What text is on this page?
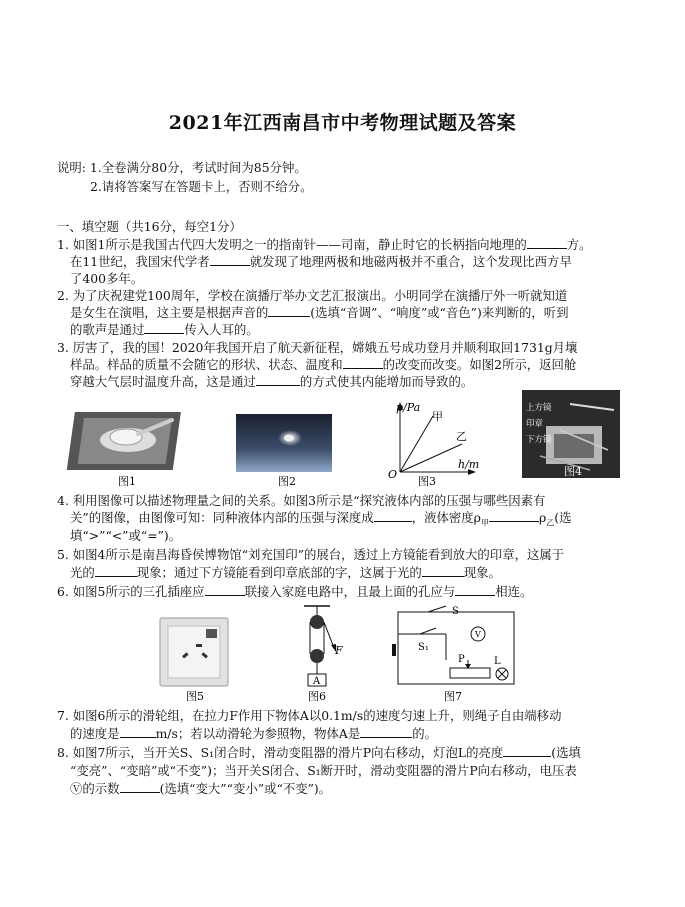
2021年江西南昌市中考物理试题及答案
说明: 1.全卷满分80分，考试时间为85分钟。
2.请将答案写在答题卡上，否则不给分。
一、填空题（共16分，每空1分）
1. 如图1所示是我国古代四大发明之一的指南针——司南，静止时它的长柄指向地理的	方。
在11世纪，我国宋代学者	就发现了地理两极和地磁两极并不重合，这个发现比西方早
了400多年。
2. 为了庆祝建党100周年，学校在演播厅举办文艺汇报演出。小明同学在演播厅外一听就知道
是女生在演唱，这主要是根据声音的	(选填“音调”、“响度”或“音色”)来判断的，听到
的歌声是通过	传入人耳的。
3. 厉害了，我的国！2020年我国开启了航天新征程，嫦娥五号成功登月并顺利取回1731g月壤
样品。样品的质量不会随它的形状、状态、温度和	的改变而改变。如图2所示，返回舱
穿越大气层时温度升高，这是通过	的方式使其内能增加而导致的。
图1	图2
p/Pa
h/m
O
甲
乙
图3
上方镜
印章
下方镜
图4
4. 利用图像可以描述物理量之间的关系。如图3所示是“探究液体内部的压强与哪些因素有
关”的图像，由图像可知：同种液体内部的压强与深度成	，液体密度$\rho_甲$	$\rho_乙$(选
填“>”“<”或“=”)。
5. 如图4所示是南昌海昏侯博物馆“刘充国印”的展台，透过上方镜能看到放大的印章，这属于
光的	现象；通过下方镜能看到印章底部的字，这属于光的	现象。
6. 如图5所示的三孔插座应	联接入家庭电路中，且最上面的孔应与	相连。
图5
F
A
图6
S
S₁
P	L
V
图7
7. 如图6所示的滑轮组，在拉力F作用下物体A以0.1m/s的速度匀速上升，则绳子自由端移动
的速度是	m/s；若以动滑轮为参照物，物体A是	的。
8. 如图7所示，当开关S、S₁闭合时，滑动变阻器的滑片P向右移动，灯泡L的亮度	(选填
“变亮”、“变暗”或“不变”)；当开关S闭合、S₁断开时，滑动变阻器的滑片P向右移动，电压表
Ⓥ的示数	(选填“变大”“变小”或“不变”)。
